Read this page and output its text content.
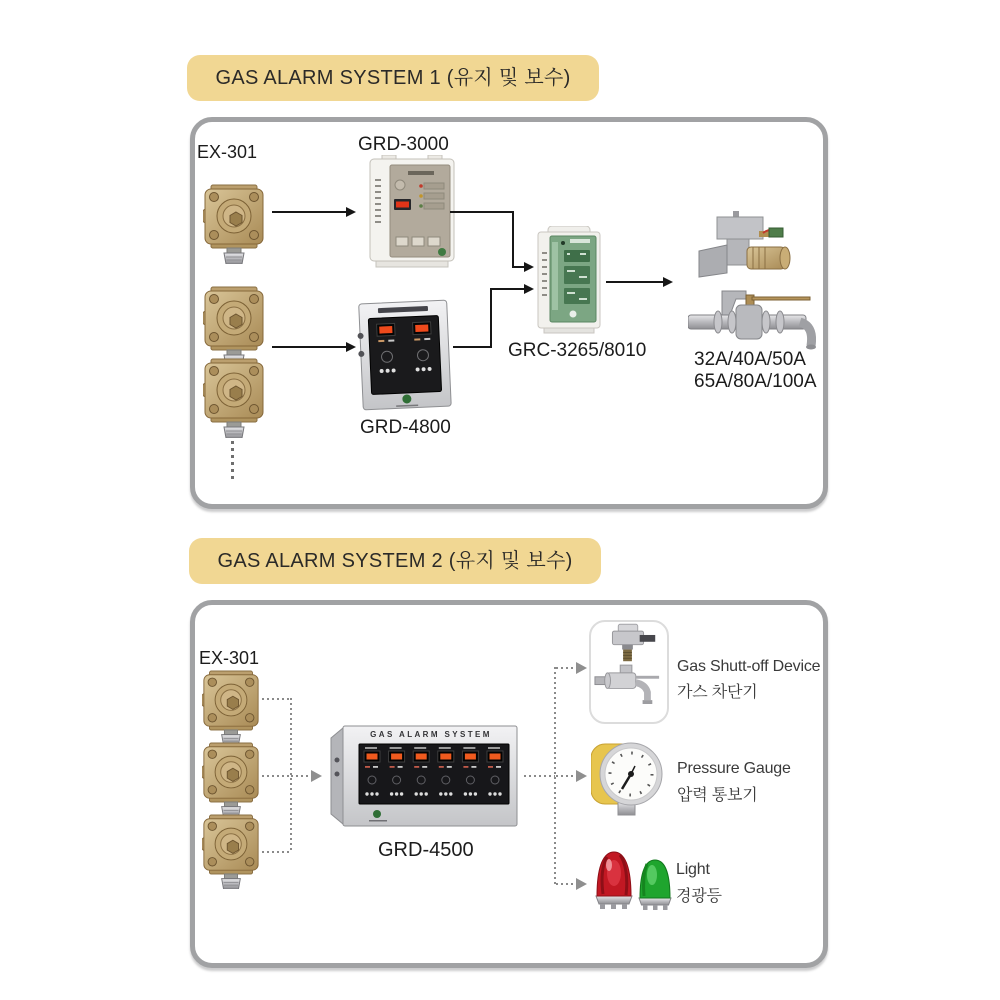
GAS ALARM SYSTEM 1 (유지 및 보수)
EX-301	GRD-3000
GRD-4800
GRC-3265/8010	32A/40A/50A
65A/80A/100A
GAS ALARM SYSTEM 2 (유지 및 보수)
EX-301
GAS ALARM SYSTEM
GRD-4500
Gas Shutt-off Device
가스 차단기
Pressure Gauge
압력 통보기
Light
경광등
